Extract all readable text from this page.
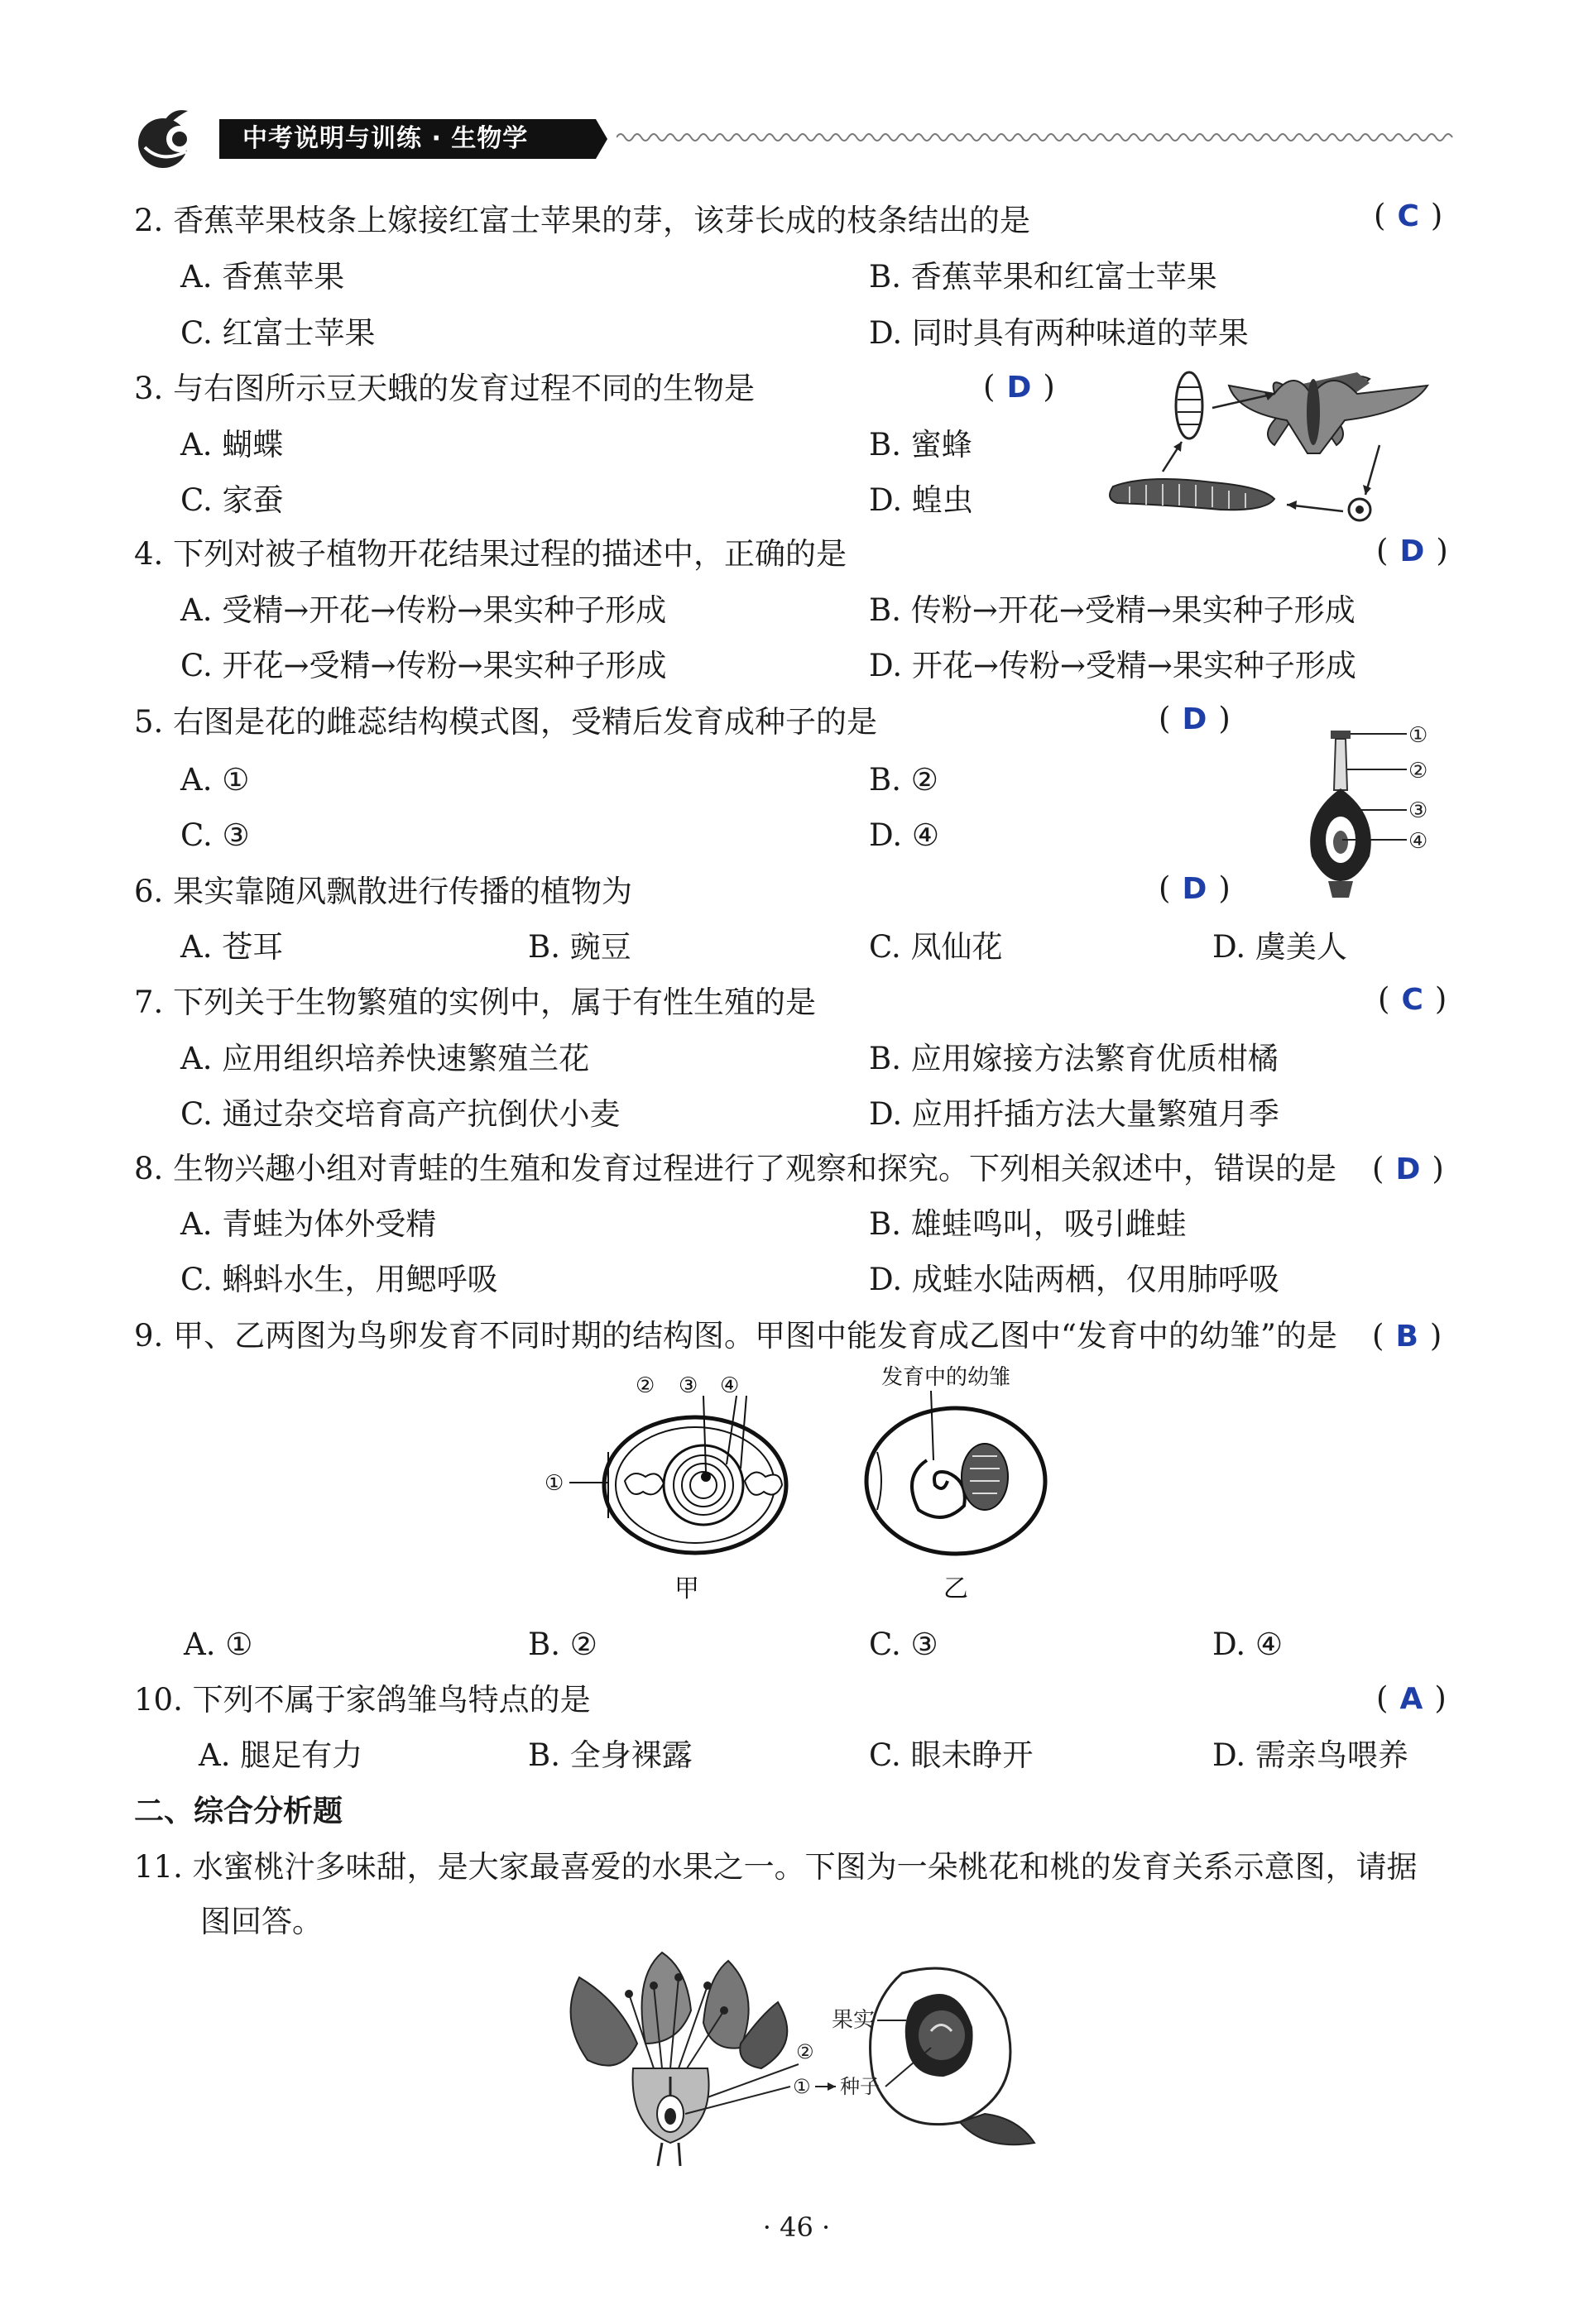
中考说明与训练 · 生物学
2. 香蕉苹果枝条上嫁接红富士苹果的芽，该芽长成的枝条结出的是	( C )
A. 香蕉苹果	B. 香蕉苹果和红富士苹果
C. 红富士苹果	D. 同时具有两种味道的苹果
3. 与右图所示豆天蛾的发育过程不同的生物是	( D )
A. 蝴蝶	B. 蜜蜂
C. 家蚕	D. 蝗虫
4. 下列对被子植物开花结果过程的描述中，正确的是	( D )
A. 受精→开花→传粉→果实种子形成	B. 传粉→开花→受精→果实种子形成
C. 开花→受精→传粉→果实种子形成	D. 开花→传粉→受精→果实种子形成
5. 右图是花的雌蕊结构模式图，受精后发育成种子的是	( D )
A. ①	B. ②
C. ③	D. ④
①
②
③
④
6. 果实靠随风飘散进行传播的植物为	( D )
A. 苍耳	B. 豌豆	C. 凤仙花	D. 虞美人
7. 下列关于生物繁殖的实例中，属于有性生殖的是	( C )
A. 应用组织培养快速繁殖兰花	B. 应用嫁接方法繁育优质柑橘
C. 通过杂交培育高产抗倒伏小麦	D. 应用扦插方法大量繁殖月季
8. 生物兴趣小组对青蛙的生殖和发育过程进行了观察和探究。下列相关叙述中，错误的是 ( D )
A. 青蛙为体外受精	B. 雄蛙鸣叫，吸引雌蛙
C. 蝌蚪水生，用鳃呼吸	D. 成蛙水陆两栖，仅用肺呼吸
9. 甲、乙两图为鸟卵发育不同时期的结构图。甲图中能发育成乙图中“发育中的幼雏”的是 ( B )
② ③ ④
①
甲
发育中的幼雏
乙
A. ①	B. ②	C. ③	D. ④
10. 下列不属于家鸽雏鸟特点的是	( A )
A. 腿足有力	B. 全身裸露	C. 眼未睁开	D. 需亲鸟喂养
二、综合分析题
11. 水蜜桃汁多味甜，是大家最喜爱的水果之一。下图为一朵桃花和桃的发育关系示意图，请据
图回答。
果实
②
① 种子
· 46 ·
